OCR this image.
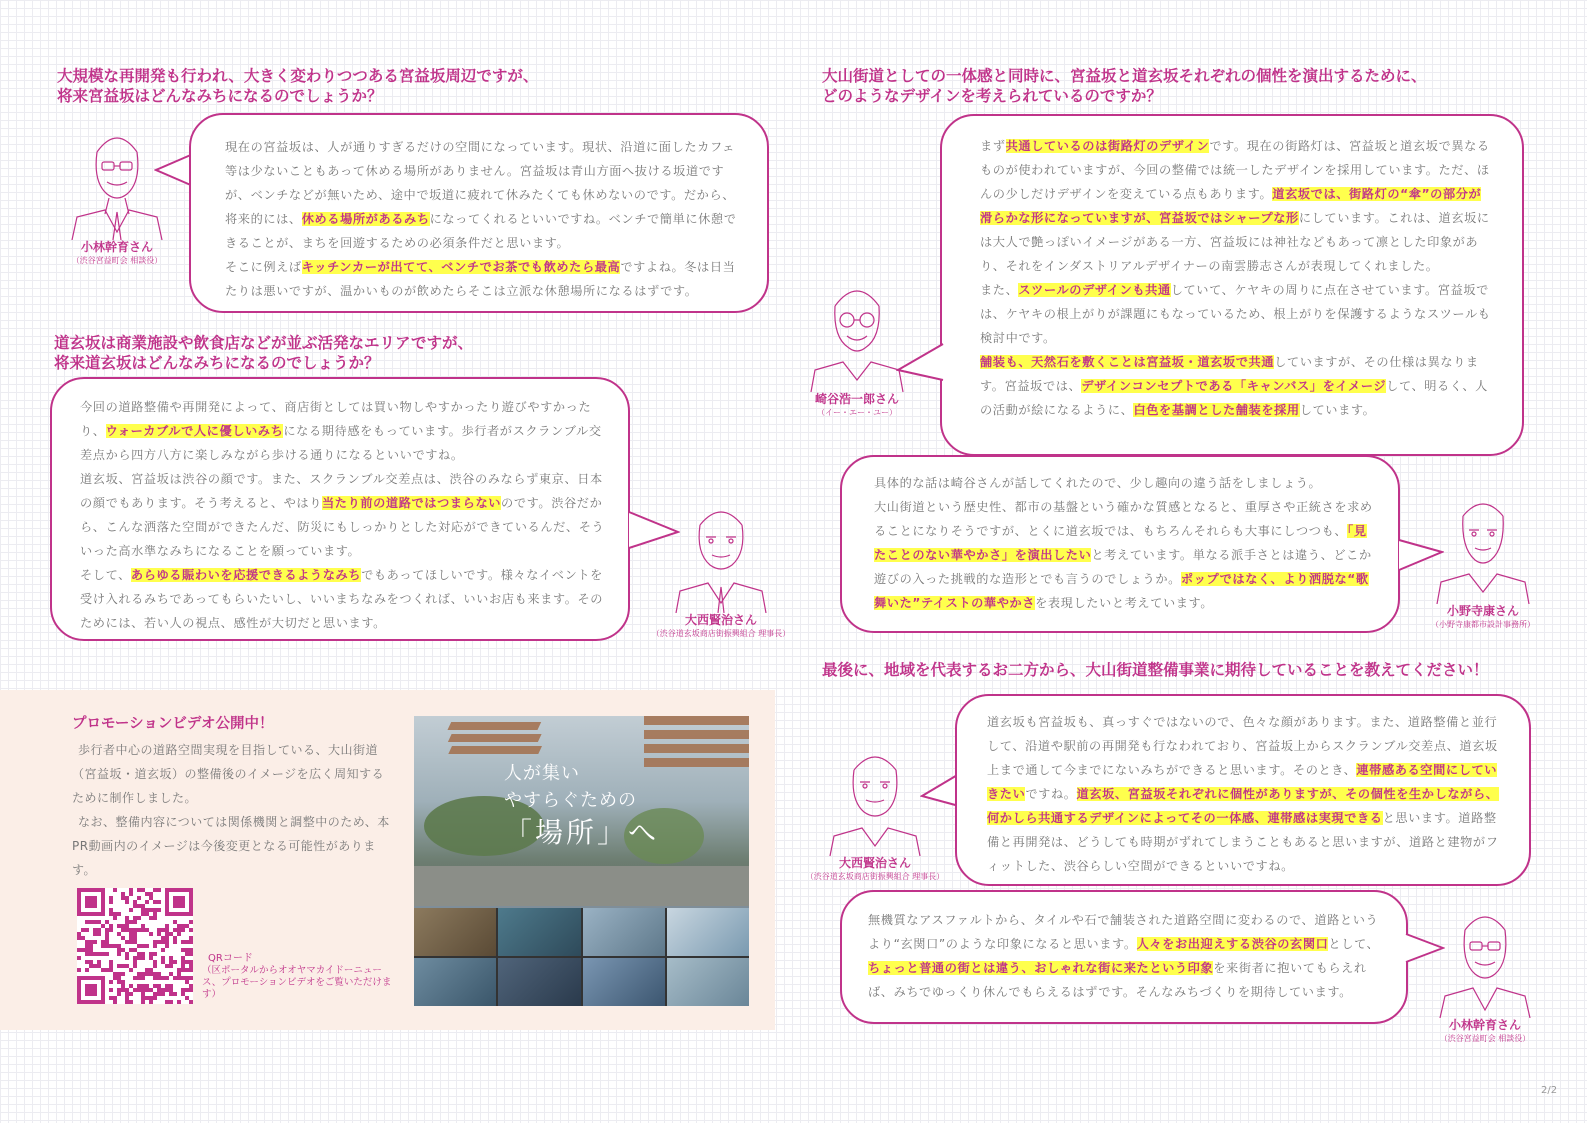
大規模な再開発も行われ、大きく変わりつつある宮益坂周辺ですが、
将来宮益坂はどんなみちになるのでしょうか？
小林幹育さん
（渋谷宮益町会 相談役）

現在の宮益坂は、人が通りすぎるだけの空間になっています。現状、沿道に面したカフェ等は少ないこともあって休める場所がありません。宮益坂は青山方面へ抜ける坂道ですが、ベンチなどが無いため、途中で坂道に疲れて休みたくても休めないのです。だから、将来的には、休める場所があるみちになってくれるといいですね。ベンチで簡単に休憩できることが、まちを回遊するための必須条件だと思います。

そこに例えばキッチンカーが出てて、ベンチでお茶でも飲めたら最高ですよね。冬は日当たりは悪いですが、温かいものが飲めたらそこは立派な休憩場所になるはずです。

道玄坂は商業施設や飲食店などが並ぶ活発なエリアですが、
将来道玄坂はどんなみちになるのでしょうか？

今回の道路整備や再開発によって、商店街としては買い物しやすかったり遊びやすかったり、ウォーカブルで人に優しいみちになる期待感をもっています。歩行者がスクランブル交差点から四方八方に楽しみながら歩ける通りになるといいですね。

道玄坂、宮益坂は渋谷の顔です。また、スクランブル交差点は、渋谷のみならず東京、日本の顔でもあります。そう考えると、やはり当たり前の道路ではつまらないのです。渋谷だから、こんな洒落た空間ができたんだ、防災にもしっかりとした対応ができているんだ、そういった高水準なみちになることを願っています。

そして、あらゆる賑わいを応援できるようなみちでもあってほしいです。様々なイベントを受け入れるみちであってもらいたいし、いいまちなみをつくれば、いいお店も来ます。そのためには、若い人の視点、感性が大切だと思います。	大西賢治さん
（渋谷道玄坂商店街振興組合 理事長）
大山街道としての一体感と同時に、宮益坂と道玄坂それぞれの個性を演出するために、
どのようなデザインを考えられているのですか？

まず共通しているのは街路灯のデザインです。現在の街路灯は、宮益坂と道玄坂で異なるものが使われていますが、今回の整備では統一したデザインを採用しています。ただ、ほんの少しだけデザインを変えている点もあります。道玄坂では、街路灯の“傘”の部分が滑らかな形になっていますが、宮益坂ではシャープな形にしています。これは、道玄坂には大人で艶っぽいイメージがある一方、宮益坂には神社などもあって凛とした印象があり、それをインダストリアルデザイナーの南雲勝志さんが表現してくれました。

また、スツールのデザインも共通していて、ケヤキの周りに点在させています。宮益坂では、ケヤキの根上がりが課題にもなっているため、根上がりを保護するようなスツールも検討中です。

舗装も、天然石を敷くことは宮益坂・道玄坂で共通していますが、その仕様は異なります。宮益坂では、デザインコンセプトである「キャンバス」をイメージして、明るく、人の活動が絵になるように、白色を基調とした舗装を採用しています。

崎谷浩一郎さん
（イー・エー・ユー）

具体的な話は崎谷さんが話してくれたので、少し趣向の違う話をしましょう。

大山街道という歴史性、都市の基盤という確かな質感となると、重厚さや正統さを求めることになりそうですが、とくに道玄坂では、もちろんそれらも大事にしつつも、「見たことのない華やかさ」を演出したいと考えています。単なる派手さとは違う、どこか遊びの入った挑戦的な造形とでも言うのでしょうか。ポップではなく、より洒脱な“歌舞いた”テイストの華やかさを表現したいと考えています。

小野寺康さん
（小野寺康都市設計事務所）
最後に、地域を代表するお二方から、大山街道整備事業に期待していることを教えてください！
大西賢治さん
（渋谷道玄坂商店街振興組合 理事長）

道玄坂も宮益坂も、真っすぐではないので、色々な顔があります。また、道路整備と並行して、沿道や駅前の再開発も行なわれており、宮益坂上からスクランブル交差点、道玄坂上まで通して今までにないみちができると思います。そのとき、連帯感ある空間にしていきたいですね。道玄坂、宮益坂それぞれに個性がありますが、その個性を生かしながら、何かしら共通するデザインによってその一体感、連帯感は実現できると思います。道路整備と再開発は、どうしても時期がずれてしまうこともあると思いますが、道路と建物がフィットした、渋谷らしい空間ができるといいですね。

無機質なアスファルトから、タイルや石で舗装された道路空間に変わるので、道路というより“玄関口”のような印象になると思います。人々をお出迎えする渋谷の玄関口として、ちょっと普通の街とは違う、おしゃれな街に来たという印象を来街者に抱いてもらえれば、みちでゆっくり休んでもらえるはずです。そんなみちづくりを期待しています。

小林幹育さん
（渋谷宮益町会 相談役）
プロモーションビデオ公開中！

歩行者中心の道路空間実現を目指している、大山街道（宮益坂・道玄坂）の整備後のイメージを広く周知するために制作しました。

なお、整備内容については関係機関と調整中のため、本PR動画内のイメージは今後変更となる可能性があります。

QRコード
（区ポータルからオオヤマカイドーニュース、プロモーションビデオをご覧いただけます）
人が集い
やすらぐための
「場所」へ
2/2
